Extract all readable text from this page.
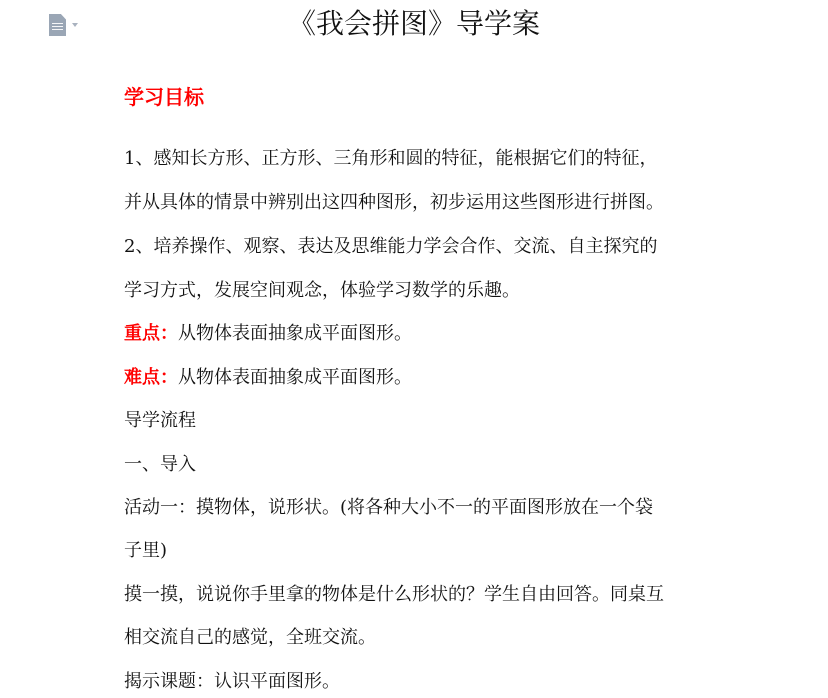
《我会拼图》导学案
学习目标
1、感知长方形、正方形、三角形和圆的特征，能根据它们的特征，
并从具体的情景中辨别出这四种图形，初步运用这些图形进行拼图。
2、培养操作、观察、表达及思维能力学会合作、交流、自主探究的
学习方式，发展空间观念，体验学习数学的乐趣。
重点：从物体表面抽象成平面图形。
难点：从物体表面抽象成平面图形。
导学流程
一、导入
活动一：摸物体，说形状。(将各种大小不一的平面图形放在一个袋
子里)
摸一摸，说说你手里拿的物体是什么形状的？学生自由回答。同桌互
相交流自己的感觉，全班交流。
揭示课题：认识平面图形。
